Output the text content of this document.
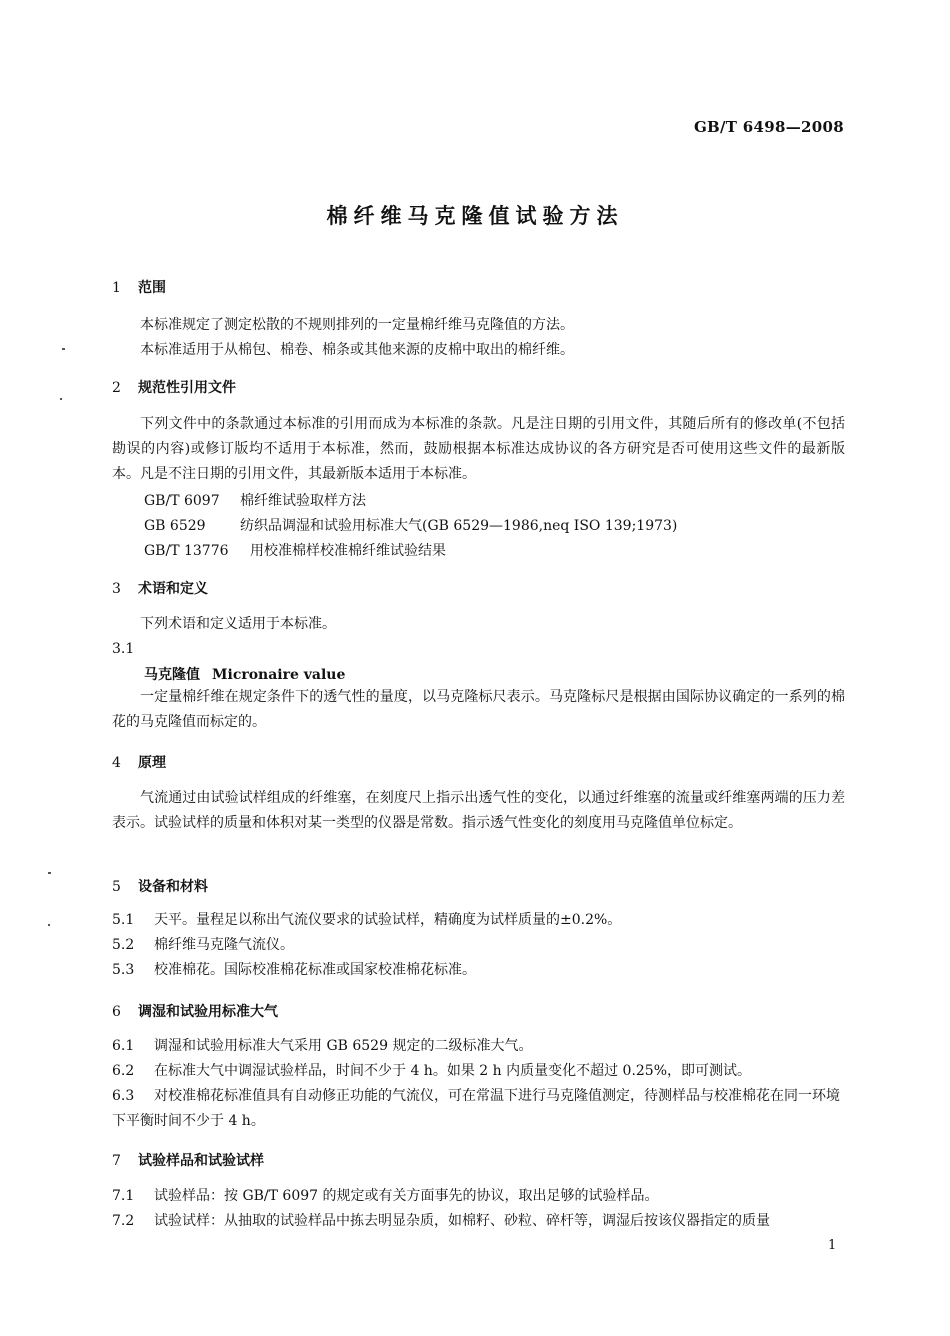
GB/T 6498—2008
棉纤维马克隆值试验方法
1 范围
本标准规定了测定松散的不规则排列的一定量棉纤维马克隆值的方法。
本标准适用于从棉包、棉卷、棉条或其他来源的皮棉中取出的棉纤维。
2 规范性引用文件
下列文件中的条款通过本标准的引用而成为本标准的条款。凡是注日期的引用文件，其随后所有的修改单(不包括勘误的内容)或修订版均不适用于本标准，然而，鼓励根据本标准达成协议的各方研究是否可使用这些文件的最新版本。凡是不注日期的引用文件，其最新版本适用于本标准。
GB/T 6097 棉纤维试验取样方法
GB 6529 纺织品调湿和试验用标准大气(GB 6529—1986,neq ISO 139;1973)
GB/T 13776 用校准棉样校准棉纤维试验结果
3 术语和定义
下列术语和定义适用于本标准。
3.1
马克隆值 Micronaire value
一定量棉纤维在规定条件下的透气性的量度，以马克隆标尺表示。马克隆标尺是根据由国际协议确定的一系列的棉花的马克隆值而标定的。
4 原理
气流通过由试验试样组成的纤维塞，在刻度尺上指示出透气性的变化，以通过纤维塞的流量或纤维塞两端的压力差表示。试验试样的质量和体积对某一类型的仪器是常数。指示透气性变化的刻度用马克隆值单位标定。
5 设备和材料
5.1 天平。量程足以称出气流仪要求的试验试样，精确度为试样质量的±0.2%。
5.2 棉纤维马克隆气流仪。
5.3 校准棉花。国际校准棉花标准或国家校准棉花标准。
6 调湿和试验用标准大气
6.1 调湿和试验用标准大气采用 GB 6529 规定的二级标准大气。
6.2 在标准大气中调湿试验样品，时间不少于 4 h。如果 2 h 内质量变化不超过 0.25%，即可测试。
6.3 对校准棉花标准值具有自动修正功能的气流仪，可在常温下进行马克隆值测定，待测样品与校准棉花在同一环境下平衡时间不少于 4 h。
7 试验样品和试验试样
7.1 试验样品：按 GB/T 6097 的规定或有关方面事先的协议，取出足够的试验样品。
7.2 试验试样：从抽取的试验样品中拣去明显杂质，如棉籽、砂粒、碎杆等，调湿后按该仪器指定的质量
1
